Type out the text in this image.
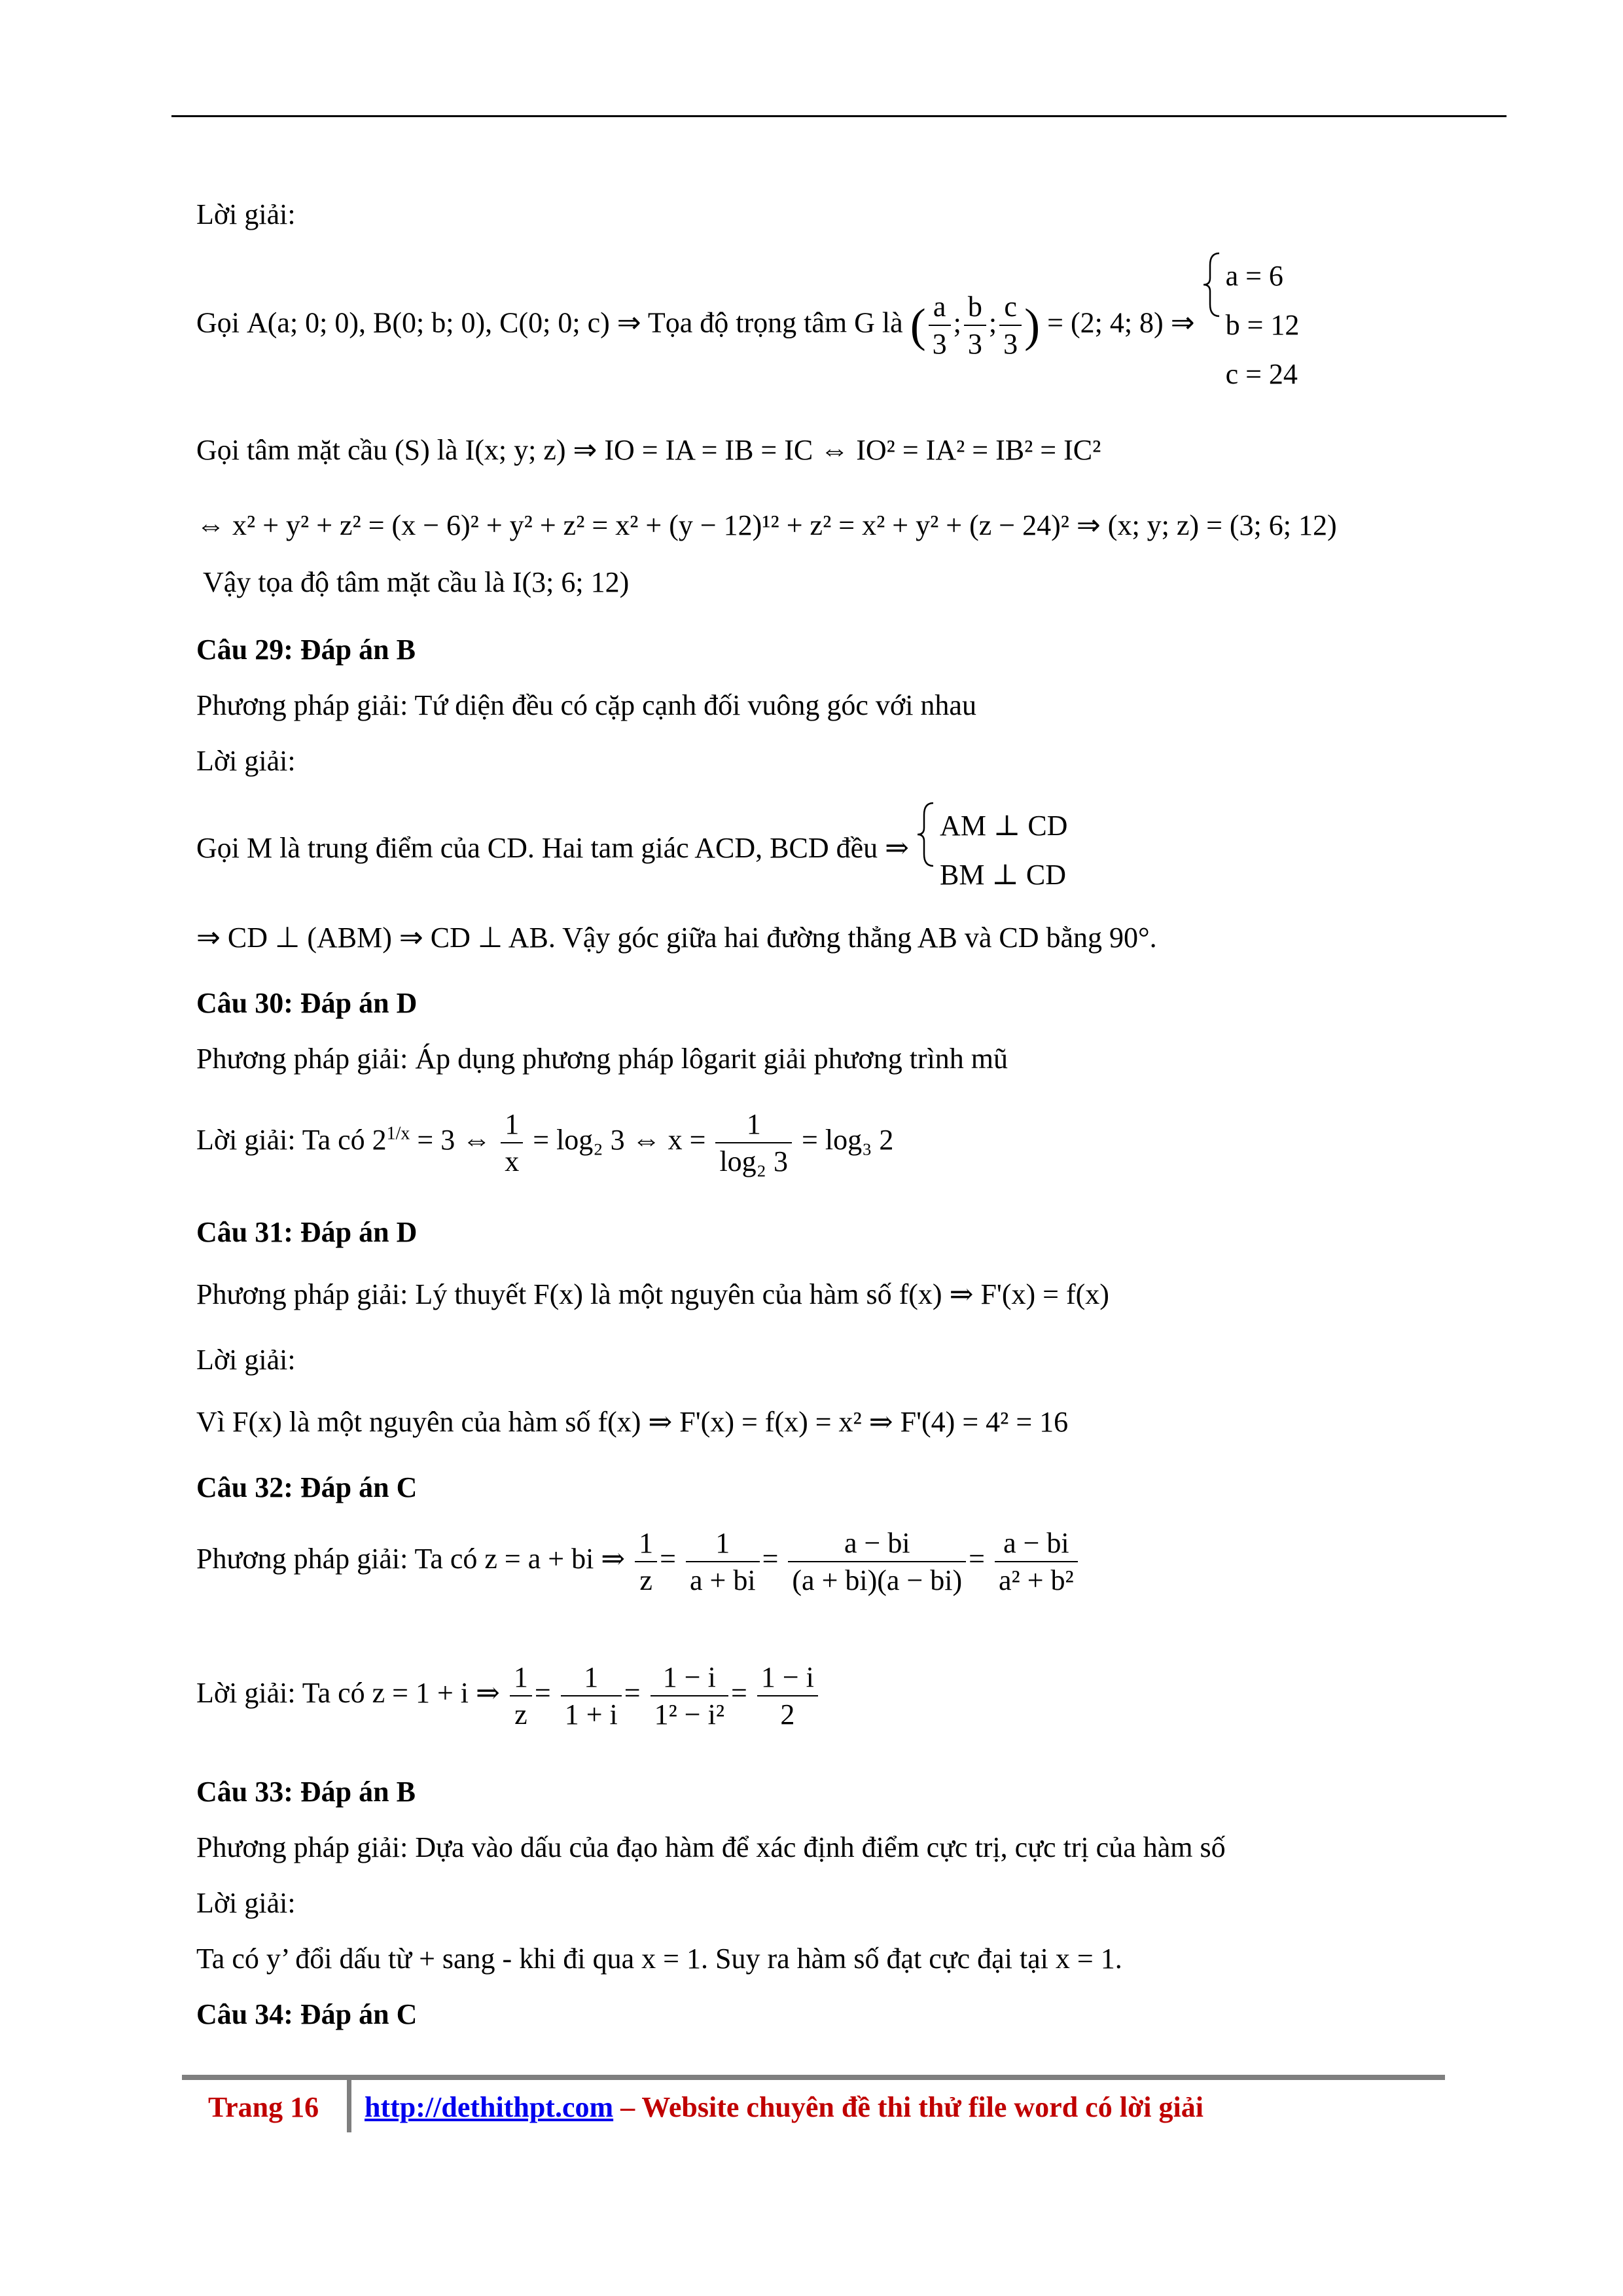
Lời giải:
Gọi A(a; 0; 0), B(0; b; 0), C(0; 0; c) ⇒ Tọa độ trọng tâm G là ( $\frac{a}{3}$ ; $\frac{b}{3}$ ; $\frac{c}{3}$ ) = (2; 4; 8) ⇒
a = 6
b = 12
c = 24
Gọi tâm mặt cầu (S) là I(x; y; z) ⇒ IO = IA = IB = IC ⇔ IO² = IA² = IB² = IC²
⇔ x² + y² + z² = (x − 6)² + y² + z² = x² + (y − 12)¹² + z² = x² + y² + (z − 24)² ⇒ (x; y; z) = (3; 6; 12)
Vậy tọa độ tâm mặt cầu là I(3; 6; 12)
Câu 29: Đáp án B
Phương pháp giải: Tứ diện đều có cặp cạnh đối vuông góc với nhau
Lời giải:
Gọi M là trung điểm của CD. Hai tam giác ACD, BCD đều ⇒
AM ⊥ CD
BM ⊥ CD
⇒ CD ⊥ (ABM) ⇒ CD ⊥ AB. Vậy góc giữa hai đường thẳng AB và CD bằng 90°.
Câu 30: Đáp án D
Phương pháp giải: Áp dụng phương pháp lôgarit giải phương trình mũ
Lời giải: Ta có $2^{1/x} = 3$ ⇔ $\frac{1}{x} = \log_2$ 3 ⇔ $x = \frac{1}{\text{log₂ 3}} = \log_3$ 2
Câu 31: Đáp án D
Phương pháp giải: Lý thuyết F(x) là một nguyên của hàm số f(x) ⇒ F'(x) = f(x)
Lời giải:
Vì F(x) là một nguyên của hàm số f(x) ⇒ F'(x) = f(x) = x² ⇒ F'(4) = 4² = 16
Câu 32: Đáp án C
Phương pháp giải: Ta có z = a + bi ⇒ $\frac{1}{z} = \frac{1}{a + bi} = \frac{a - bi}{(a + bi)(a - bi)} = \frac{a - bi}{\text{a² + b²}}$
Lời giải: Ta có z = 1 + i ⇒ $\frac{1}{z} = \frac{1}{1 + i} = \frac{1 - i}{\text{1² − i²}} = \frac{1 - i}{2}$
Câu 33: Đáp án B
Phương pháp giải: Dựa vào dấu của đạo hàm để xác định điểm cực trị, cực trị của hàm số
Lời giải:
Ta có y’ đổi dấu từ + sang - khi đi qua x = 1. Suy ra hàm số đạt cực đại tại x = 1.
Câu 34: Đáp án C
Trang 16 http://dethithpt.com – Website chuyên đề thi thử file word có lời giải
